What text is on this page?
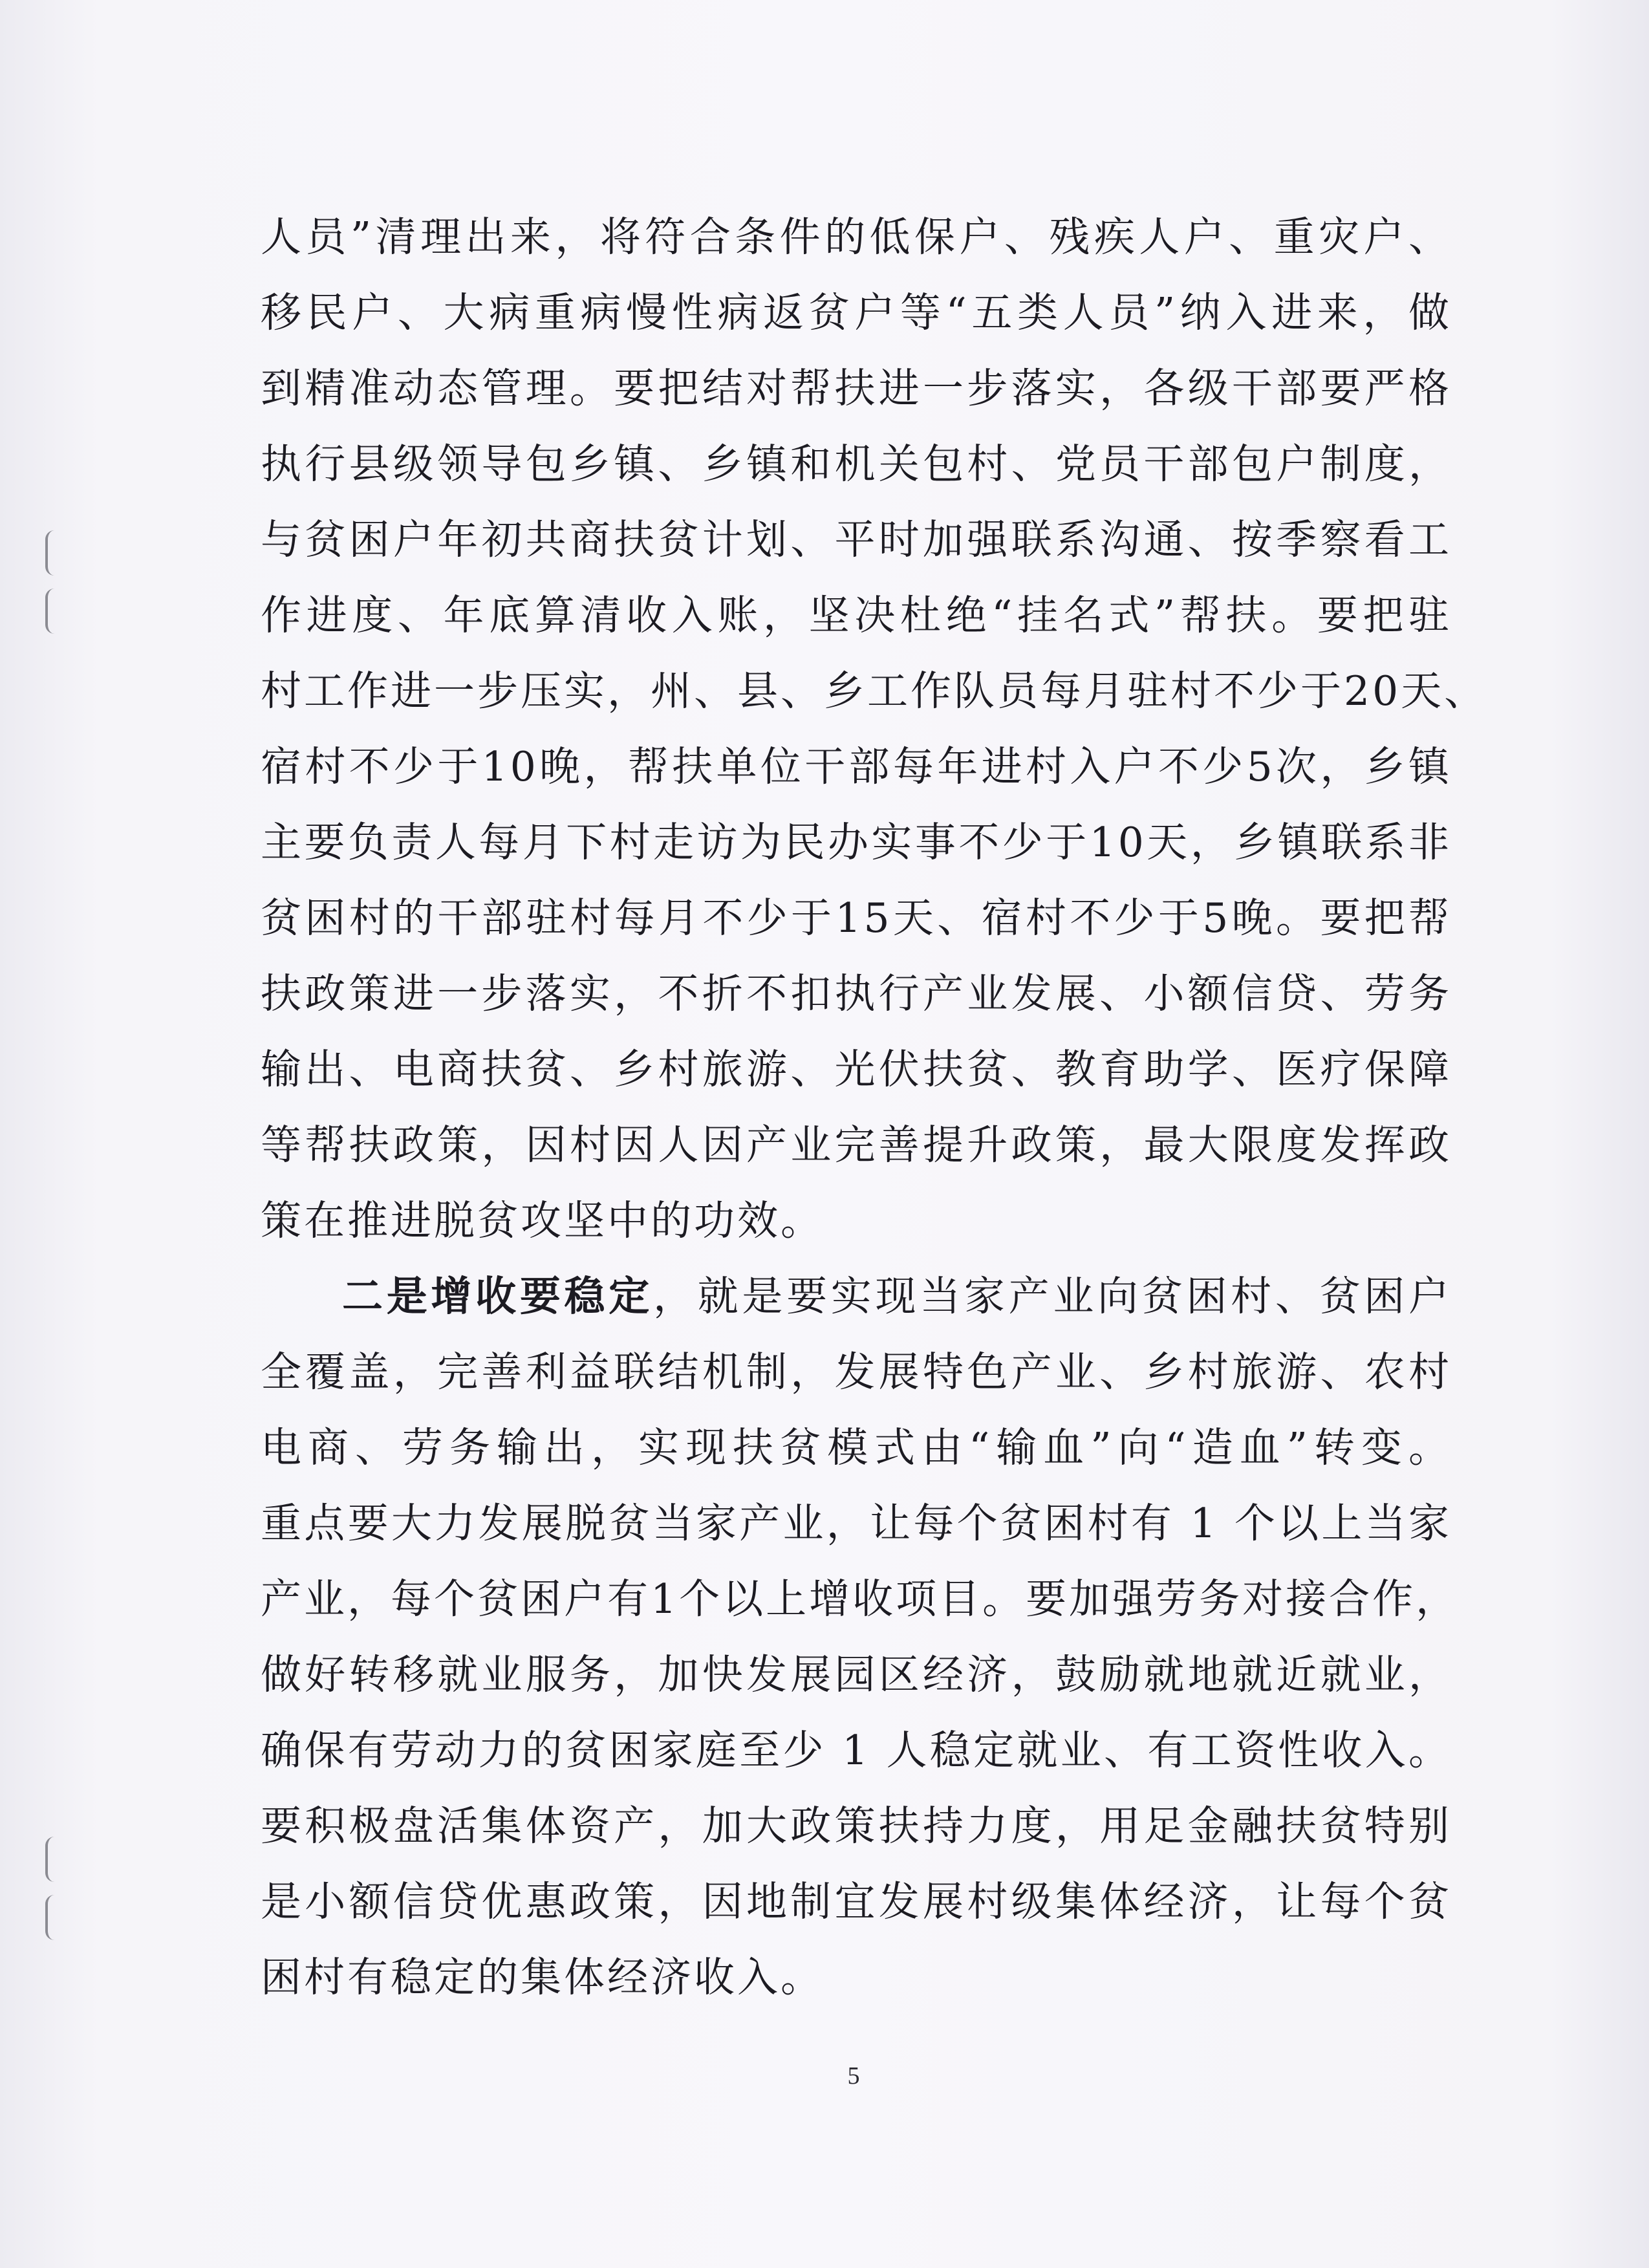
人员”清理出来，将符合条件的低保户、残疾人户、重灾户、
移民户、大病重病慢性病返贫户等“五类人员”纳入进来，做
到精准动态管理。要把结对帮扶进一步落实，各级干部要严格
执行县级领导包乡镇、乡镇和机关包村、党员干部包户制度，
与贫困户年初共商扶贫计划、平时加强联系沟通、按季察看工
作进度、年底算清收入账，坚决杜绝“挂名式”帮扶。要把驻
村工作进一步压实，州、县、乡工作队员每月驻村不少于20天、
宿村不少于10晚，帮扶单位干部每年进村入户不少5次，乡镇
主要负责人每月下村走访为民办实事不少于10天，乡镇联系非
贫困村的干部驻村每月不少于15天、宿村不少于5晚。要把帮
扶政策进一步落实，不折不扣执行产业发展、小额信贷、劳务
输出、电商扶贫、乡村旅游、光伏扶贫、教育助学、医疗保障
等帮扶政策，因村因人因产业完善提升政策，最大限度发挥政
策在推进脱贫攻坚中的功效。
二是增收要稳定，就是要实现当家产业向贫困村、贫困户
全覆盖，完善利益联结机制，发展特色产业、乡村旅游、农村
电商、劳务输出，实现扶贫模式由“输血”向“造血”转变。
重点要大力发展脱贫当家产业，让每个贫困村有 1 个以上当家
产业，每个贫困户有1个以上增收项目。要加强劳务对接合作，
做好转移就业服务，加快发展园区经济，鼓励就地就近就业，
确保有劳动力的贫困家庭至少 1 人稳定就业、有工资性收入。
要积极盘活集体资产，加大政策扶持力度，用足金融扶贫特别
是小额信贷优惠政策，因地制宜发展村级集体经济，让每个贫
困村有稳定的集体经济收入。
5
